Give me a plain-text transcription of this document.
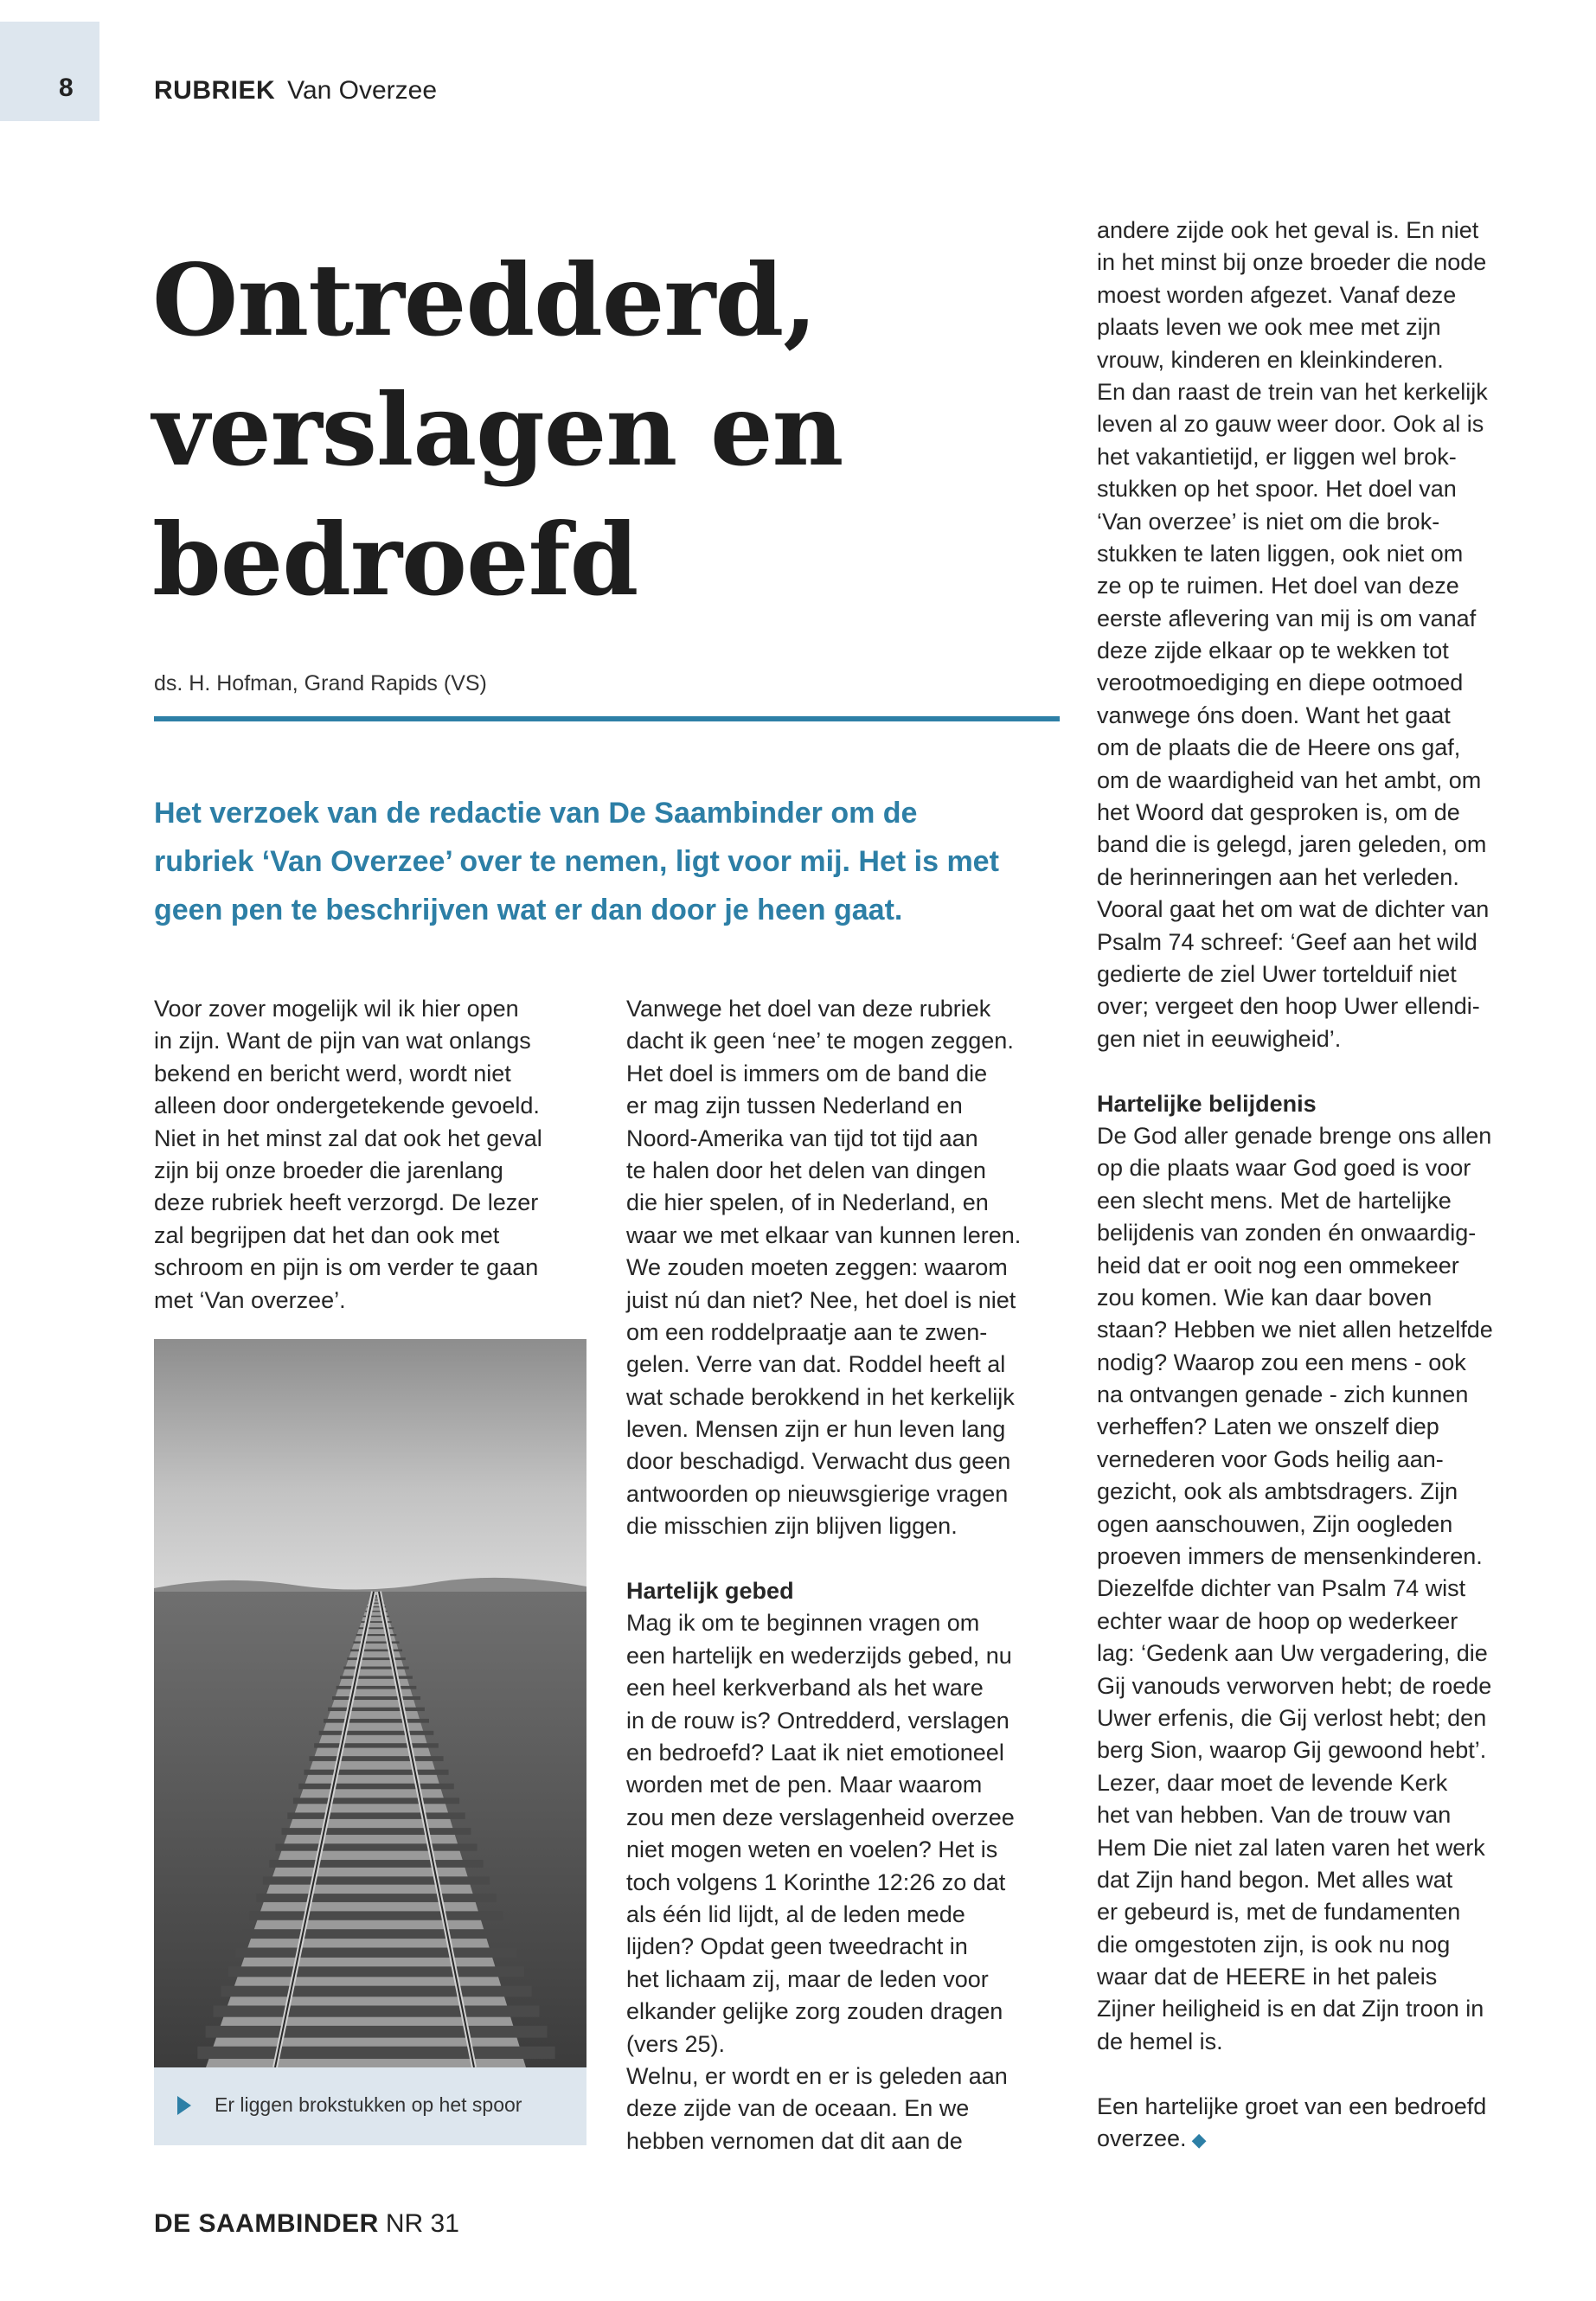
8	RUBRIEK Van Overzee
Ontredderd,
verslagen en
bedroefd
ds. H. Hofman, Grand Rapids (VS)
Het verzoek van de redactie van De Saambinder om de
rubriek ‘Van Overzee’ over te nemen, ligt voor mij. Het is met
geen pen te beschrijven wat er dan door je heen gaat.
Voor zover mogelijk wil ik hier open
in zijn. Want de pijn van wat onlangs
bekend en bericht werd, wordt niet
alleen door ondergetekende gevoeld.
Niet in het minst zal dat ook het geval
zijn bij onze broeder die jarenlang
deze rubriek heeft verzorgd. De lezer
zal begrijpen dat het dan ook met
schroom en pijn is om verder te gaan
met ‘Van overzee’.
Er liggen brokstukken op het spoor
Vanwege het doel van deze rubriek
dacht ik geen ‘nee’ te mogen zeggen.
Het doel is immers om de band die
er mag zijn tussen Nederland en
Noord-Amerika van tijd tot tijd aan
te halen door het delen van dingen
die hier spelen, of in Nederland, en
waar we met elkaar van kunnen leren.
We zouden moeten zeggen: waarom
juist nú dan niet? Nee, het doel is niet
om een roddelpraatje aan te zwen-
gelen. Verre van dat. Roddel heeft al
wat schade berokkend in het kerkelijk
leven. Mensen zijn er hun leven lang
door beschadigd. Verwacht dus geen
antwoorden op nieuwsgierige vragen
die misschien zijn blijven liggen.
Hartelijk gebed
Mag ik om te beginnen vragen om
een hartelijk en wederzijds gebed, nu
een heel kerkverband als het ware
in de rouw is? Ontredderd, verslagen
en bedroefd? Laat ik niet emotioneel
worden met de pen. Maar waarom
zou men deze verslagenheid overzee
niet mogen weten en voelen? Het is
toch volgens 1 Korinthe 12:26 zo dat
als één lid lijdt, al de leden mede
lijden? Opdat geen tweedracht in
het lichaam zij, maar de leden voor
elkander gelijke zorg zouden dragen
(vers 25).
Welnu, er wordt en er is geleden aan
deze zijde van de oceaan. En we
hebben vernomen dat dit aan de
andere zijde ook het geval is. En niet
in het minst bij onze broeder die node
moest worden afgezet. Vanaf deze
plaats leven we ook mee met zijn
vrouw, kinderen en kleinkinderen.
En dan raast de trein van het kerkelijk
leven al zo gauw weer door. Ook al is
het vakantietijd, er liggen wel brok-
stukken op het spoor. Het doel van
‘Van overzee’ is niet om die brok-
stukken te laten liggen, ook niet om
ze op te ruimen. Het doel van deze
eerste aflevering van mij is om vanaf
deze zijde elkaar op te wekken tot
verootmoediging en diepe ootmoed
vanwege óns doen. Want het gaat
om de plaats die de Heere ons gaf,
om de waardigheid van het ambt, om
het Woord dat gesproken is, om de
band die is gelegd, jaren geleden, om
de herinneringen aan het verleden.
Vooral gaat het om wat de dichter van
Psalm 74 schreef: ‘Geef aan het wild
gedierte de ziel Uwer tortelduif niet
over; vergeet den hoop Uwer ellendi-
gen niet in eeuwigheid’.
Hartelijke belijdenis
De God aller genade brenge ons allen
op die plaats waar God goed is voor
een slecht mens. Met de hartelijke
belijdenis van zonden én onwaardig-
heid dat er ooit nog een ommekeer
zou komen. Wie kan daar boven
staan? Hebben we niet allen hetzelfde
nodig? Waarop zou een mens - ook
na ontvangen genade - zich kunnen
verheffen? Laten we onszelf diep
vernederen voor Gods heilig aan-
gezicht, ook als ambtsdragers. Zijn
ogen aanschouwen, Zijn oogleden
proeven immers de mensenkinderen.
Diezelfde dichter van Psalm 74 wist
echter waar de hoop op wederkeer
lag: ‘Gedenk aan Uw vergadering, die
Gij vanouds verworven hebt; de roede
Uwer erfenis, die Gij verlost hebt; den
berg Sion, waarop Gij gewoond hebt’.
Lezer, daar moet de levende Kerk
het van hebben. Van de trouw van
Hem Die niet zal laten varen het werk
dat Zijn hand begon. Met alles wat
er gebeurd is, met de fundamenten
die omgestoten zijn, is ook nu nog
waar dat de HEERE in het paleis
Zijner heiligheid is en dat Zijn troon in
de hemel is.
Een hartelijke groet van een bedroefd
overzee. ◆
DE SAAMBINDER NR 31
